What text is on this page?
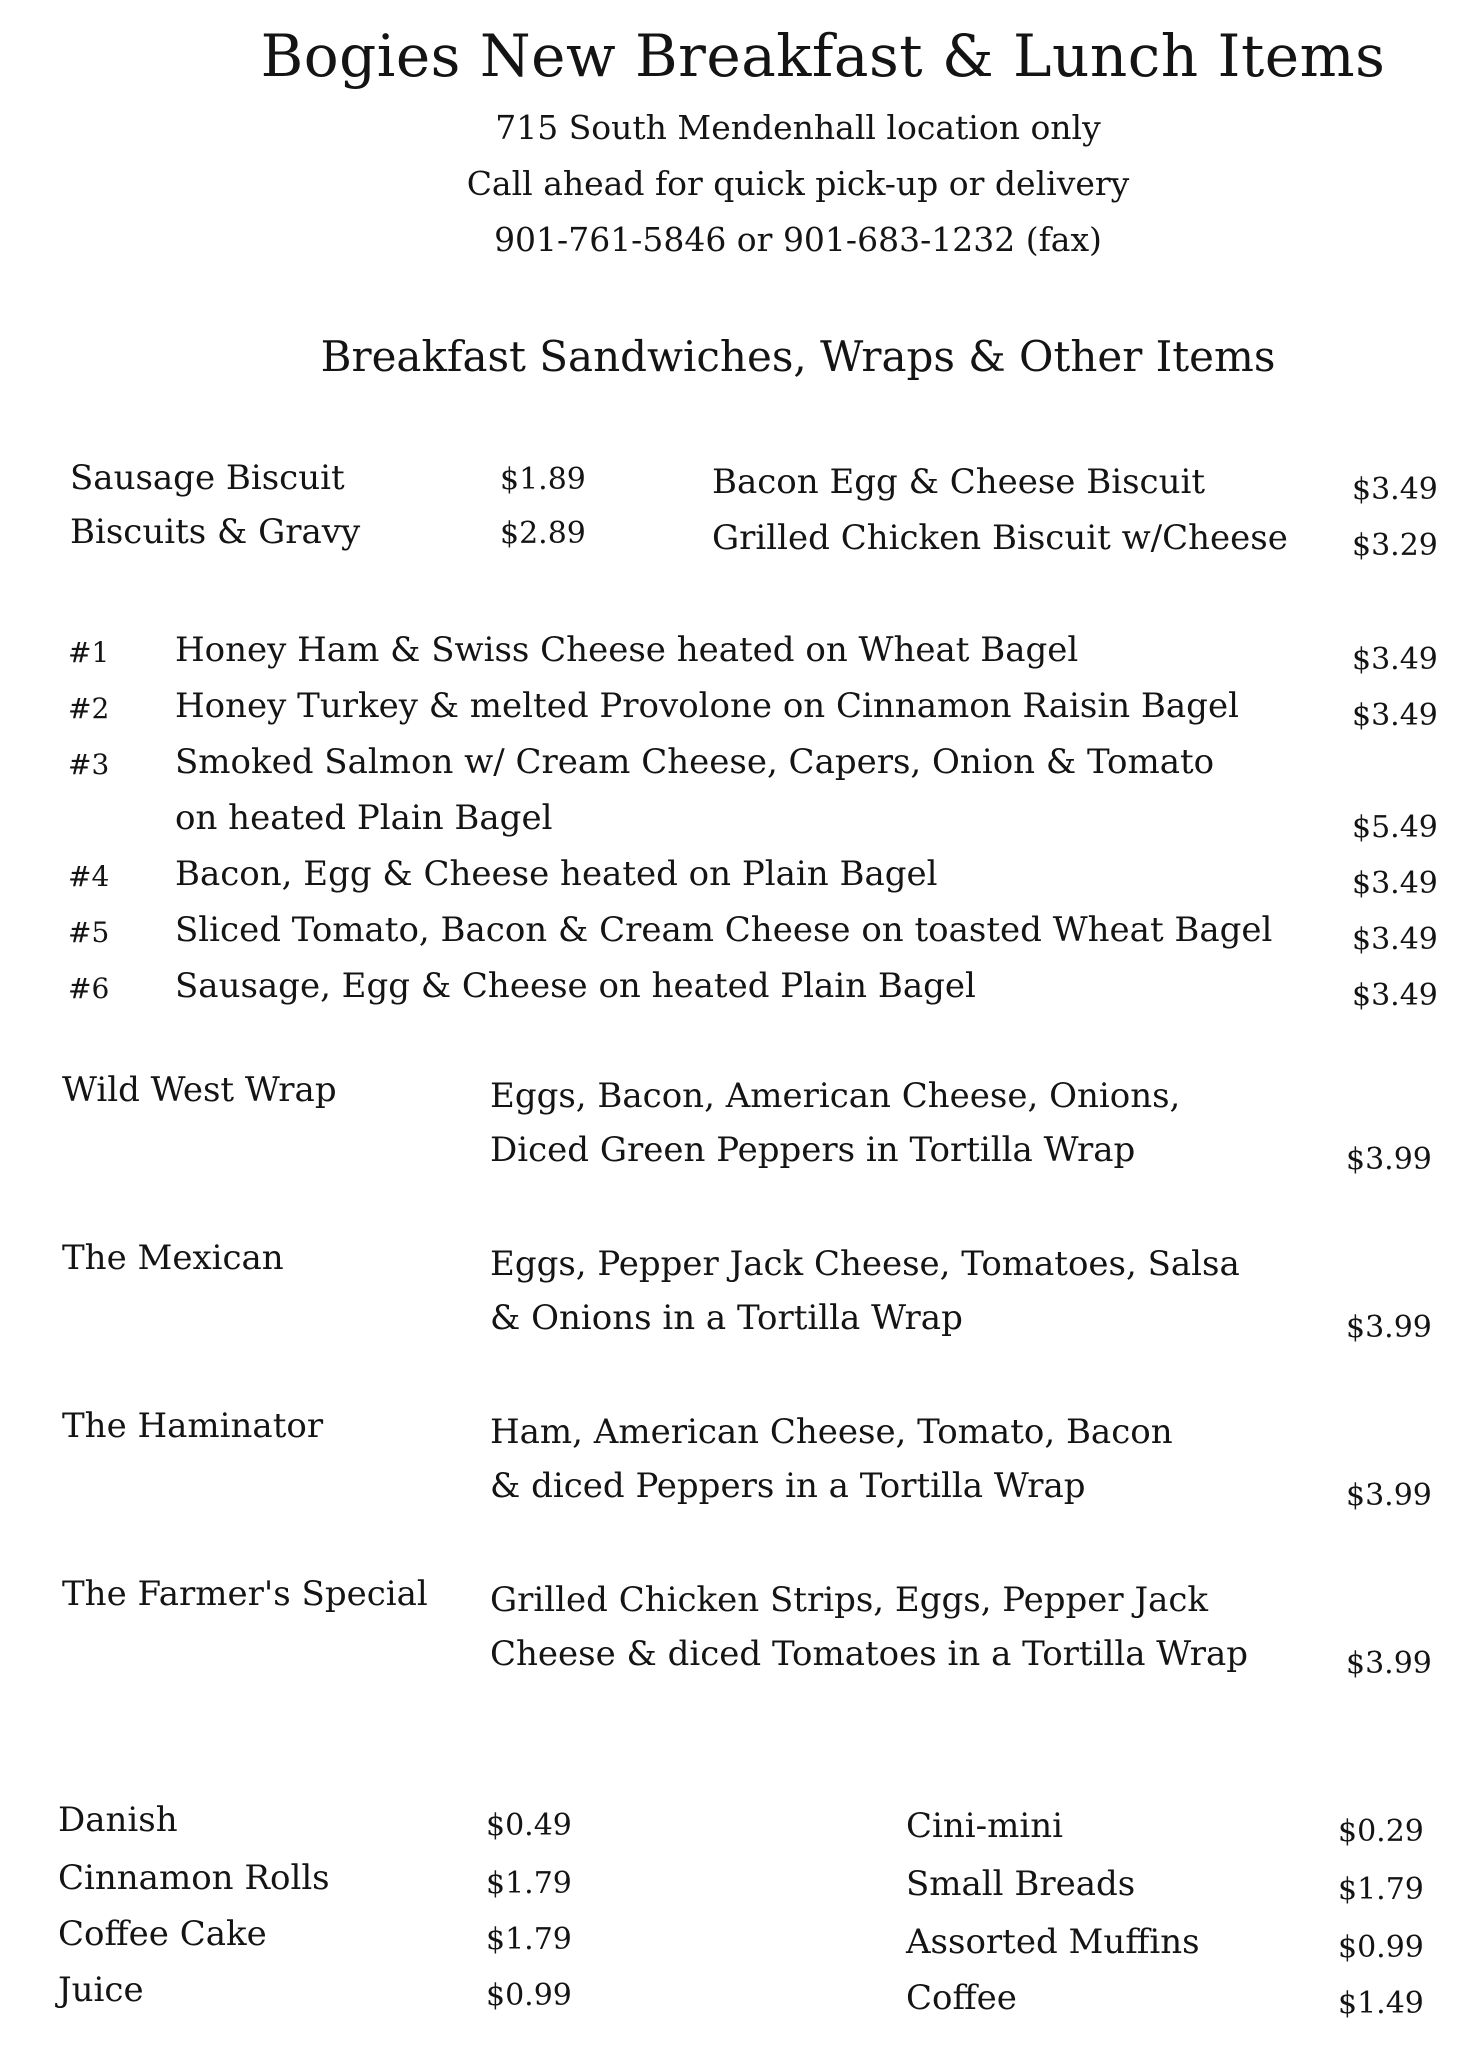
Bogies New Breakfast & Lunch Items
715 South Mendenhall location only
Call ahead for quick pick-up or delivery
901-761-5846 or 901-683-1232 (fax)
Breakfast Sandwiches, Wraps & Other Items
Sausage Biscuit	$1.89
Biscuits & Gravy	$2.89
Bacon Egg & Cheese Biscuit	$3.49
Grilled Chicken Biscuit w/Cheese $3.29
#1 Honey Ham & Swiss Cheese heated on Wheat Bagel	$3.49
#2 Honey Turkey & melted Provolone on Cinnamon Raisin Bagel	$3.49
#3 Smoked Salmon w/ Cream Cheese, Capers, Onion & Tomato
on heated Plain Bagel	$5.49
#4 Bacon, Egg & Cheese heated on Plain Bagel	$3.49
#5 Sliced Tomato, Bacon & Cream Cheese on toasted Wheat Bagel	$3.49
#6 Sausage, Egg & Cheese on heated Plain Bagel	$3.49
Wild West Wrap	Eggs, Bacon, American Cheese, Onions,
Diced Green Peppers in Tortilla Wrap	$3.99
The Mexican	Eggs, Pepper Jack Cheese, Tomatoes, Salsa
& Onions in a Tortilla Wrap	$3.99
The Haminator	Ham, American Cheese, Tomato, Bacon
& diced Peppers in a Tortilla Wrap	$3.99
The Farmer's Special Grilled Chicken Strips, Eggs, Pepper Jack
Cheese & diced Tomatoes in a Tortilla Wrap	$3.99
Danish	$0.49
Cinnamon Rolls	$1.79
Coffee Cake	$1.79
Juice	$0.99
Cini-mini	$0.29
Small Breads	$1.79
Assorted Muffins	$0.99
Coffee	$1.49
